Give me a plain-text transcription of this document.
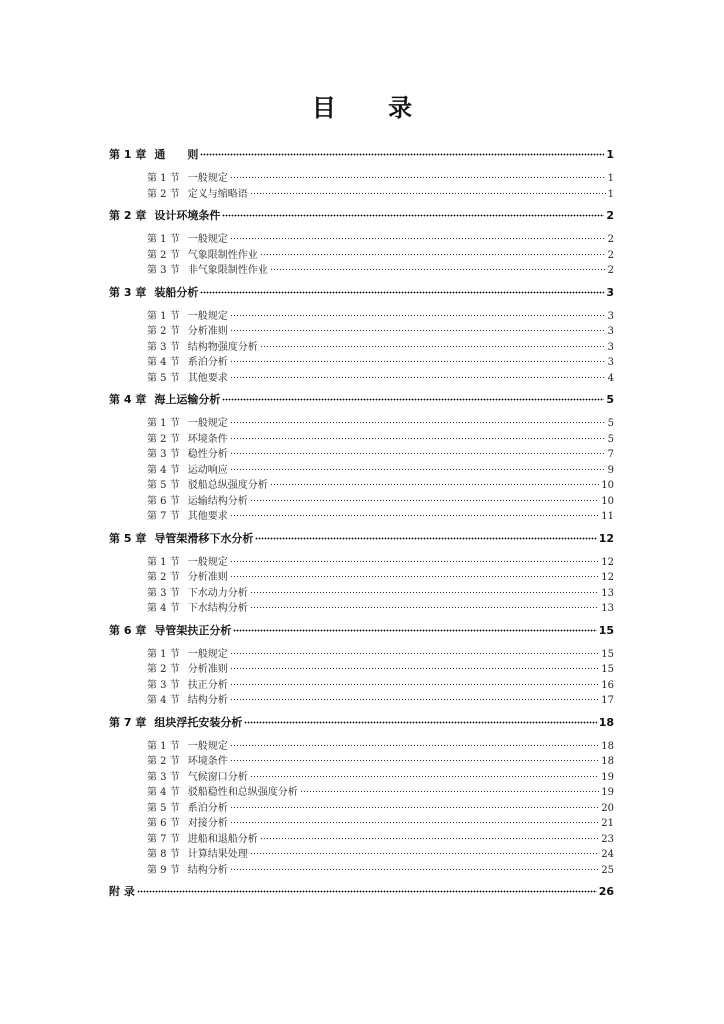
目 录
第 1 章 通　　则	1
第 1 节 一般规定	1
第 2 节 定义与缩略语	1
第 2 章 设计环境条件	2
第 1 节 一般规定	2
第 2 节 气象限制性作业	2
第 3 节 非气象限制性作业	2
第 3 章 装船分析	3
第 1 节 一般规定	3
第 2 节 分析准则	3
第 3 节 结构物强度分析	3
第 4 节 系泊分析	3
第 5 节 其他要求	4
第 4 章 海上运输分析	5
第 1 节 一般规定	5
第 2 节 环境条件	5
第 3 节 稳性分析	7
第 4 节 运动响应	9
第 5 节 驳船总纵强度分析	10
第 6 节 运输结构分析	10
第 7 节 其他要求	11
第 5 章 导管架滑移下水分析	12
第 1 节 一般规定	12
第 2 节 分析准则	12
第 3 节 下水动力分析	13
第 4 节 下水结构分析	13
第 6 章 导管架扶正分析	15
第 1 节 一般规定	15
第 2 节 分析准则	15
第 3 节 扶正分析	16
第 4 节 结构分析	17
第 7 章 组块浮托安装分析	18
第 1 节 一般规定	18
第 2 节 环境条件	18
第 3 节 气候窗口分析	19
第 4 节 驳船稳性和总纵强度分析	19
第 5 节 系泊分析	20
第 6 节 对接分析	21
第 7 节 进船和退船分析	23
第 8 节 计算结果处理	24
第 9 节 结构分析	25
附 录	26
